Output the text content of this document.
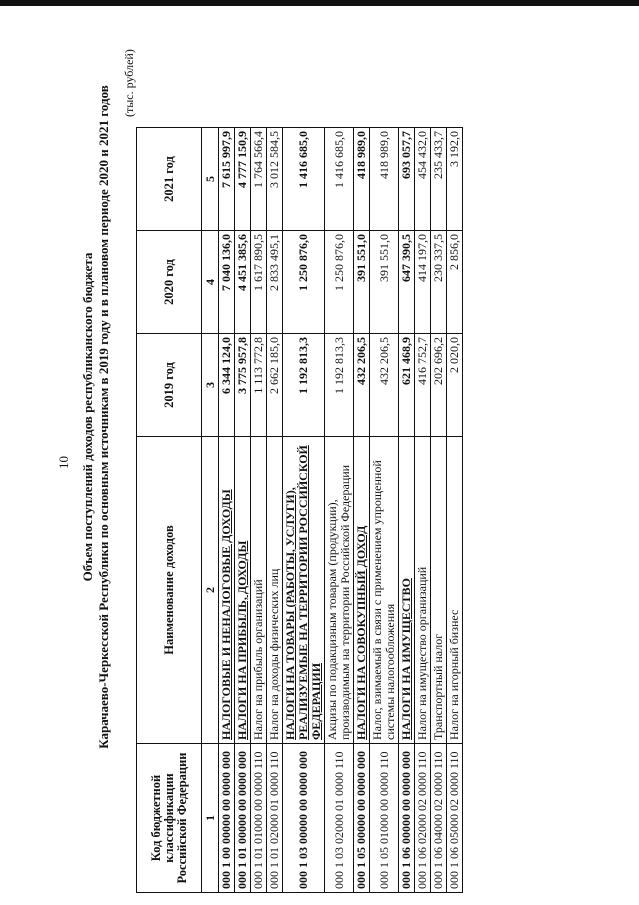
10 Объем поступлений доходов республиканского бюджета Карачаево-Черкесской Республики по основным источникам в 2019 году и в плановом периоде 2020 и 2021 годов
(тыс. рублей)
Код бюджетной классификации Российской Федерации	Наименование доходов	2019 год	2020 год	2021 год
1	2	3	4	5
000 1 00 00000 00 0000 000	НАЛОГОВЫЕ И НЕНАЛОГОВЫЕ ДОХОДЫ	6 344 124,0	7 040 136,0	7 615 997,9
000 1 01 00000 00 0000 000	НАЛОГИ НА ПРИБЫЛЬ, ДОХОДЫ	3 775 957,8	4 451 385,6	4 777 150,9
000 1 01 01000 00 0000 110	Налог на прибыль организаций	1 113 772,8	1 617 890,5	1 764 566,4
000 1 01 02000 01 0000 110	Налог на доходы физических лиц	2 662 185,0	2 833 495,1	3 012 584,5
000 1 03 00000 00 0000 000	НАЛОГИ НА ТОВАРЫ (РАБОТЫ, УСЛУГИ), РЕАЛИЗУЕМЫЕ НА ТЕРРИТОРИИ РОССИЙСКОЙ ФЕДЕРАЦИИ	1 192 813,3	1 250 876,0	1 416 685,0
000 1 03 02000 01 0000 110	Акцизы по подакцизным товарам (продукции), производимым на территории Российской Федерации	1 192 813,3	1 250 876,0	1 416 685,0
000 1 05 00000 00 0000 000	НАЛОГИ НА СОВОКУПНЫЙ ДОХОД	432 206,5	391 551,0	418 989,0
000 1 05 01000 00 0000 110	Налог, взимаемый в связи с применением упрощенной системы налогообложения	432 206,5	391 551,0	418 989,0
000 1 06 00000 00 0000 000	НАЛОГИ НА ИМУЩЕСТВО	621 468,9	647 390,5	693 057,7
000 1 06 02000 02 0000 110	Налог на имущество организаций	416 752,7	414 197,0	454 432,0
000 1 06 04000 02 0000 110	Транспортный налог	202 696,2	230 337,5	235 433,7
000 1 06 05000 02 0000 110	Налог на игорный бизнес	2 020,0	2 856,0	3 192,0
